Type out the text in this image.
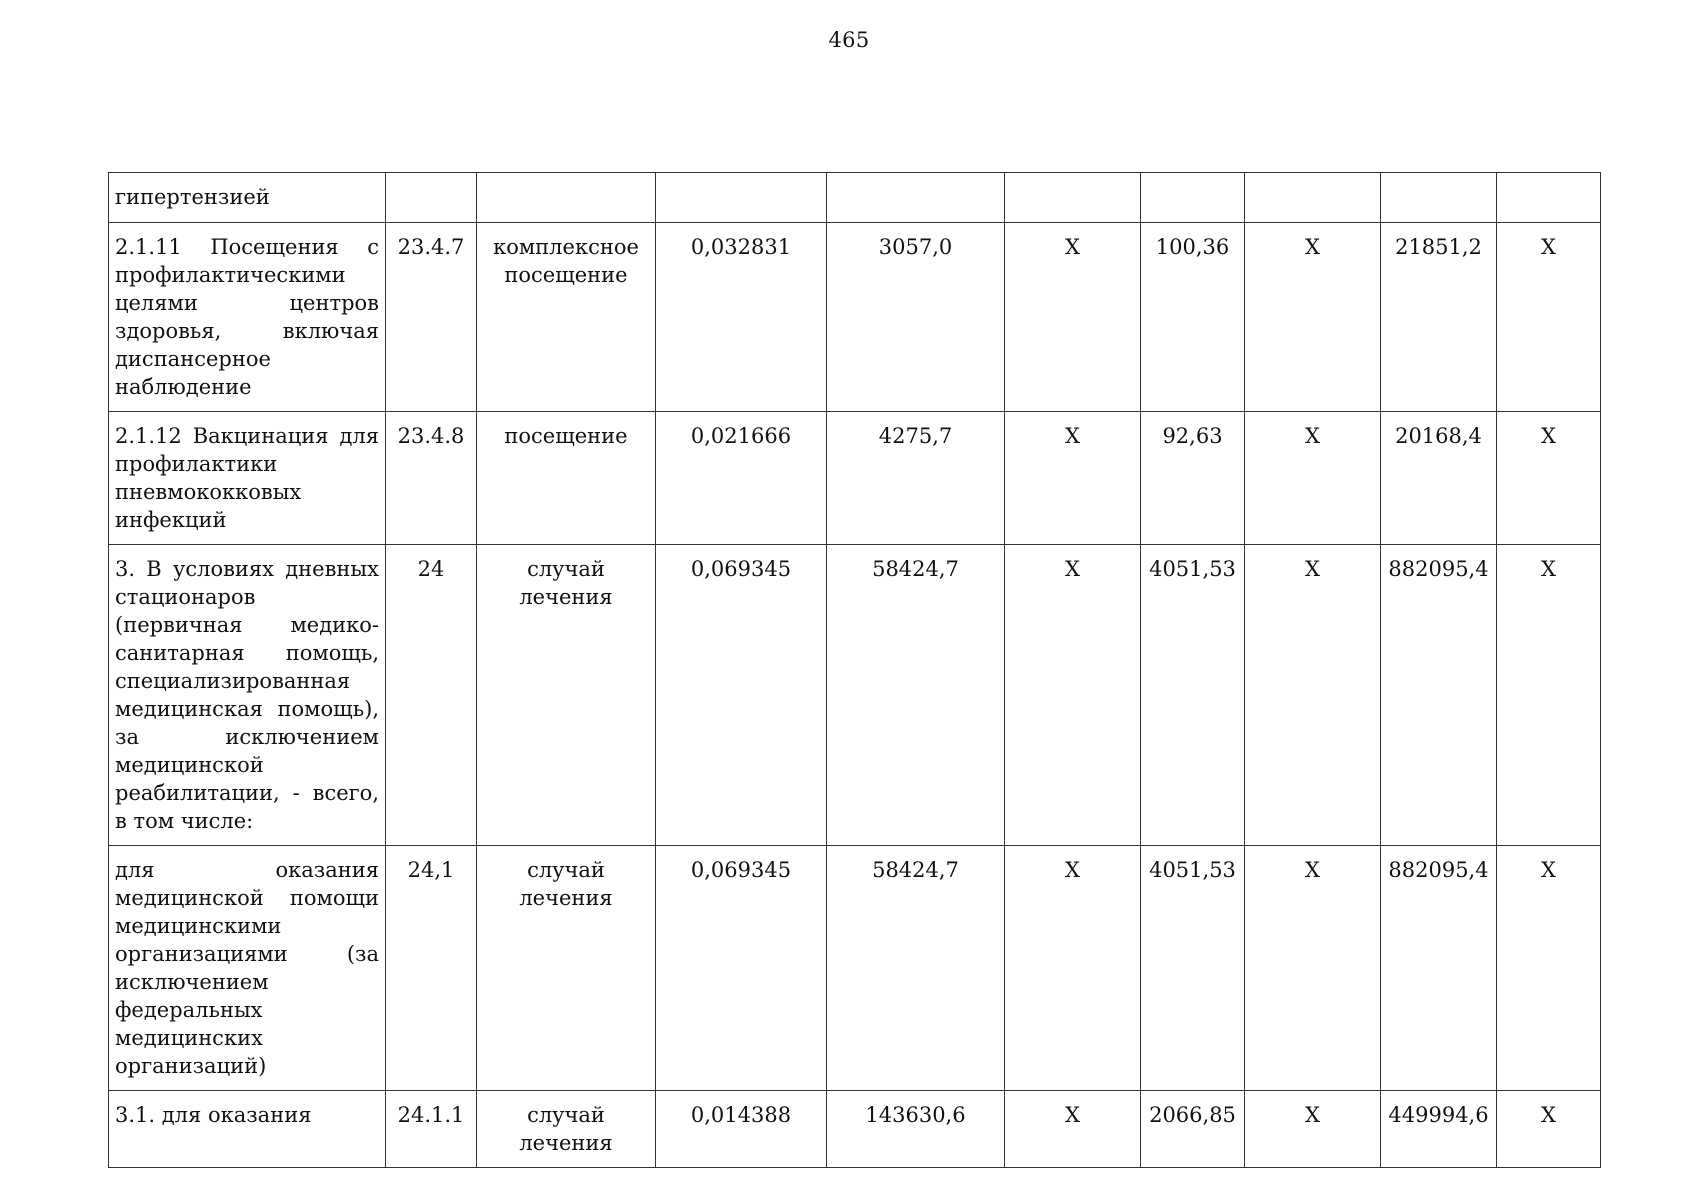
465
гипертензией									
2.1.11 Посещения с профилактическими целями центров здоровья, включая диспансерное наблюдение	23.4.7	комплексное посещение	0,032831	3057,0	X	100,36	X	21851,2	X
2.1.12 Вакцинация для профилактики пневмококковых инфекций	23.4.8	посещение	0,021666	4275,7	X	92,63	X	20168,4	X
3. В условиях дневных стационаров (первичная медико-санитарная помощь, специализированная медицинская помощь), за исключением медицинской реабилитации, - всего, в том числе:	24	случай лечения	0,069345	58424,7	X	4051,53	X	882095,4	X
для оказания медицинской помощи медицинскими организациями (за исключением федеральных медицинских организаций)	24,1	случай лечения	0,069345	58424,7	X	4051,53	X	882095,4	X
3.1. для оказания	24.1.1	случай лечения	0,014388	143630,6	X	2066,85	X	449994,6	X
